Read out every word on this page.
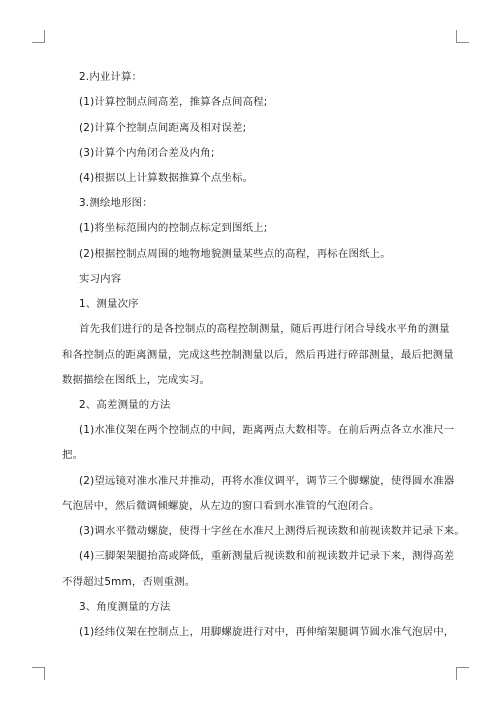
2.内业计算：
(1)计算控制点间高差，推算各点间高程;
(2)计算个控制点间距离及相对误差;
(3)计算个内角闭合差及内角;
(4)根据以上计算数据推算个点坐标。
3.测绘地形图：
(1)将坐标范围内的控制点标定到图纸上;
(2)根据控制点周围的地物地貌测量某些点的高程，再标在图纸上。
实习内容
1、测量次序
首先我们进行的是各控制点的高程控制测量，随后再进行闭合导线水平角的测量
和各控制点的距离测量，完成这些控制测量以后，然后再进行碎部测量，最后把测量
数据描绘在图纸上，完成实习。
2、高差测量的方法
(1)水准仪架在两个控制点的中间，距离两点大数相等。在前后两点各立水准尺一
把。
(2)望远镜对准水准尺并推动，再将水准仪调平，调节三个脚螺旋，使得圆水准器
气泡居中，然后微调倾螺旋，从左边的窗口看到水准管的气泡闭合。
(3)调水平微动螺旋，使得十字丝在水准尺上测得后视读数和前视读数并记录下来。
(4)三脚架架腿抬高或降低，重新测量后视读数和前视读数并记录下来，测得高差
不得超过5mm，否则重测。
3、角度测量的方法
(1)经纬仪架在控制点上，用脚螺旋进行对中，再伸缩架腿调节圆水准气泡居中，
